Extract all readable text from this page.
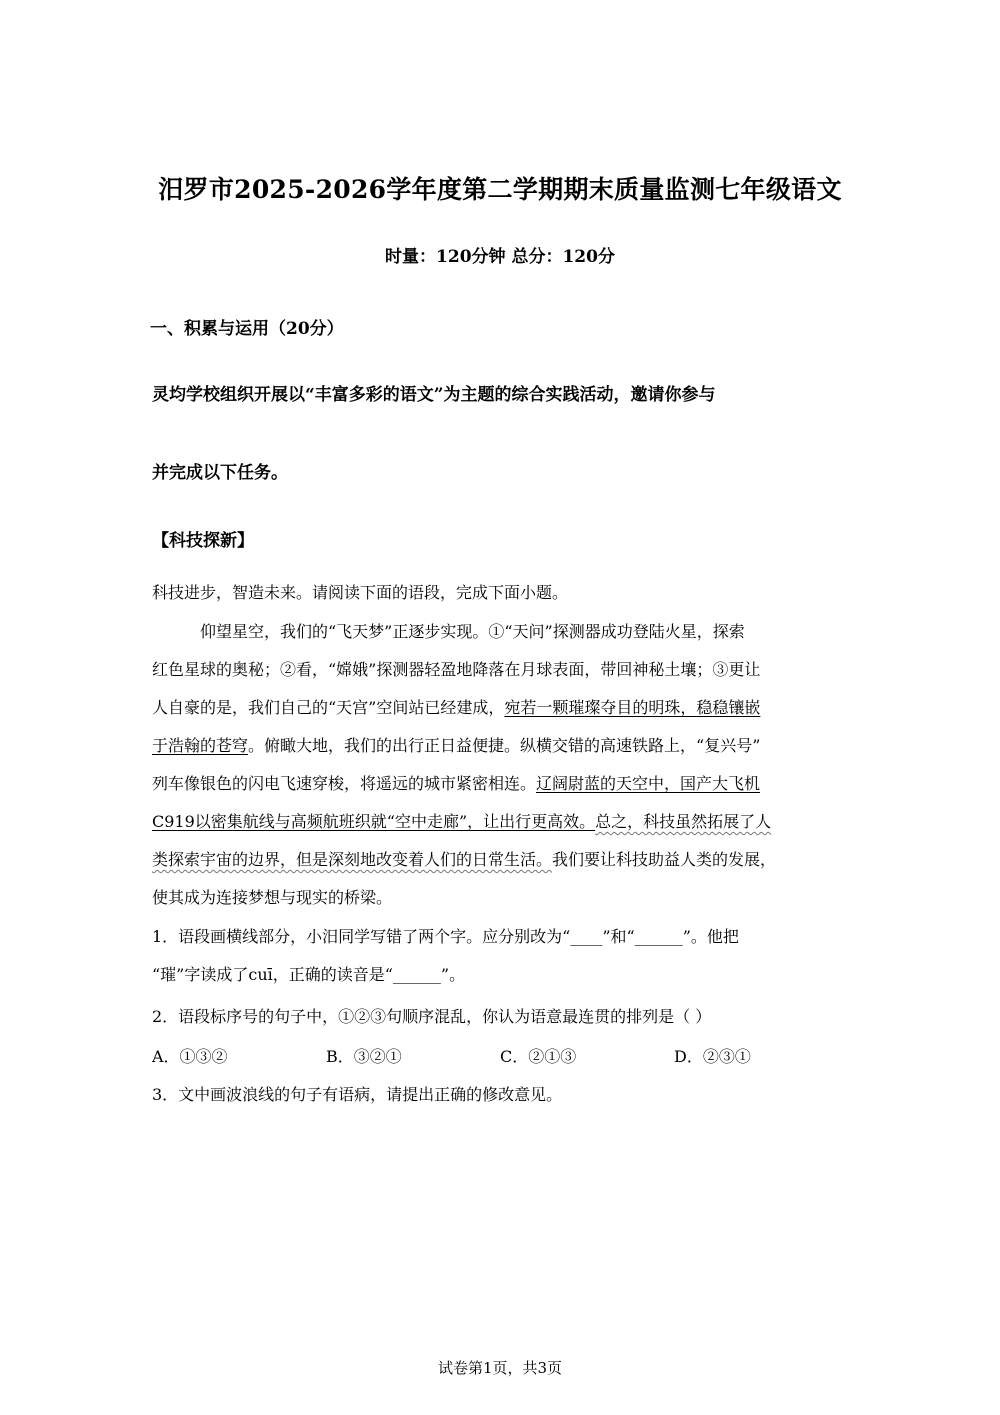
汨罗市2025-2026学年度第二学期期末质量监测七年级语文
时量：120分钟 总分：120分
一、积累与运用（20分）
灵均学校组织开展以“丰富多彩的语文”为主题的综合实践活动，邀请你参与
并完成以下任务。
【科技探新】
科技进步，智造未来。请阅读下面的语段，完成下面小题。
仰望星空，我们的“飞天梦”正逐步实现。①“天问”探测器成功登陆火星，探索
红色星球的奥秘；②看，“嫦娥”探测器轻盈地降落在月球表面，带回神秘土壤；③更让
人自豪的是，我们自己的“天宫”空间站已经建成，宛若一颗璀璨夺目的明珠，稳稳镶嵌
于浩翰的苍穹。俯瞰大地，我们的出行正日益便捷。纵横交错的高速铁路上，“复兴号”
列车像银色的闪电飞速穿梭，将遥远的城市紧密相连。辽阔尉蓝的天空中，国产大飞机
C919以密集航线与高频航班织就“空中走廊”，让出行更高效。总之，科技虽然拓展了人
类探索宇宙的边界，但是深刻地改变着人们的日常生活。我们要让科技助益人类的发展，
使其成为连接梦想与现实的桥梁。
1．语段画横线部分，小汨同学写错了两个字。应分别改为“____”和“______”。他把
“璀”字读成了cuī，正确的读音是“______”。
2．语段标序号的句子中，①②③句顺序混乱，你认为语意最连贯的排列是（ ）
A．①③②	B．③②①	C．②①③	D．②③①
3．文中画波浪线的句子有语病，请提出正确的修改意见。
试卷第1页，共3页
